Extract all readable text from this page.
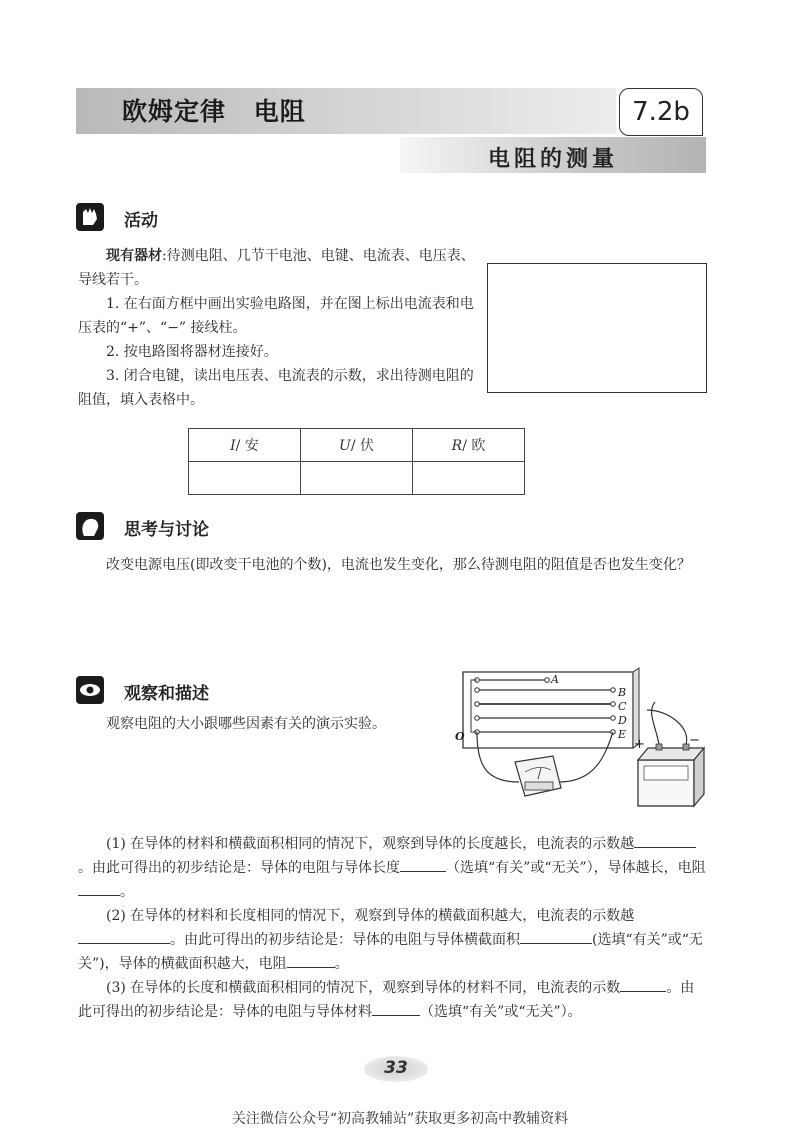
欧姆定律 电阻	7.2b
电阻的测量
活动
现有器材:待测电阻、几节干电池、电键、电流表、电压表、导线若干。
1. 在右面方框中画出实验电路图，并在图上标出电流表和电压表的“+”、“−” 接线柱。
2. 按电路图将器材连接好。
3. 闭合电键，读出电压表、电流表的示数，求出待测电阻的阻值，填入表格中。
I/ 安	U/ 伏	R/ 欧

思考与讨论
改变电源电压(即改变干电池的个数)，电流也发生变化，那么待测电阻的阻值是否也发生变化？
观察和描述
观察电阻的大小跟哪些因素有关的演示实验。
A
B
C
D
E
O
+	−
(1) 在导体的材料和横截面积相同的情况下，观察到导体的长度越长，电流表的示数越。由此可得出的初步结论是：导体的电阻与导体长度	（选填“有关”或“无关”），导体越长，电阻。
(2) 在导体的材料和长度相同的情况下，观察到导体的横截面积越大，电流表的示数越。由此可得出的初步结论是：导体的电阻与导体横截面积	(选填“有关”或“无关”)，导体的横截面积越大，电阻	。
(3) 在导体的长度和横截面积相同的情况下，观察到导体的材料不同，电流表的示数	。由此可得出的初步结论是：导体的电阻与导体材料	（选填“有关”或“无关”）。
33
关注微信公众号“初高教辅站”获取更多初高中教辅资料
